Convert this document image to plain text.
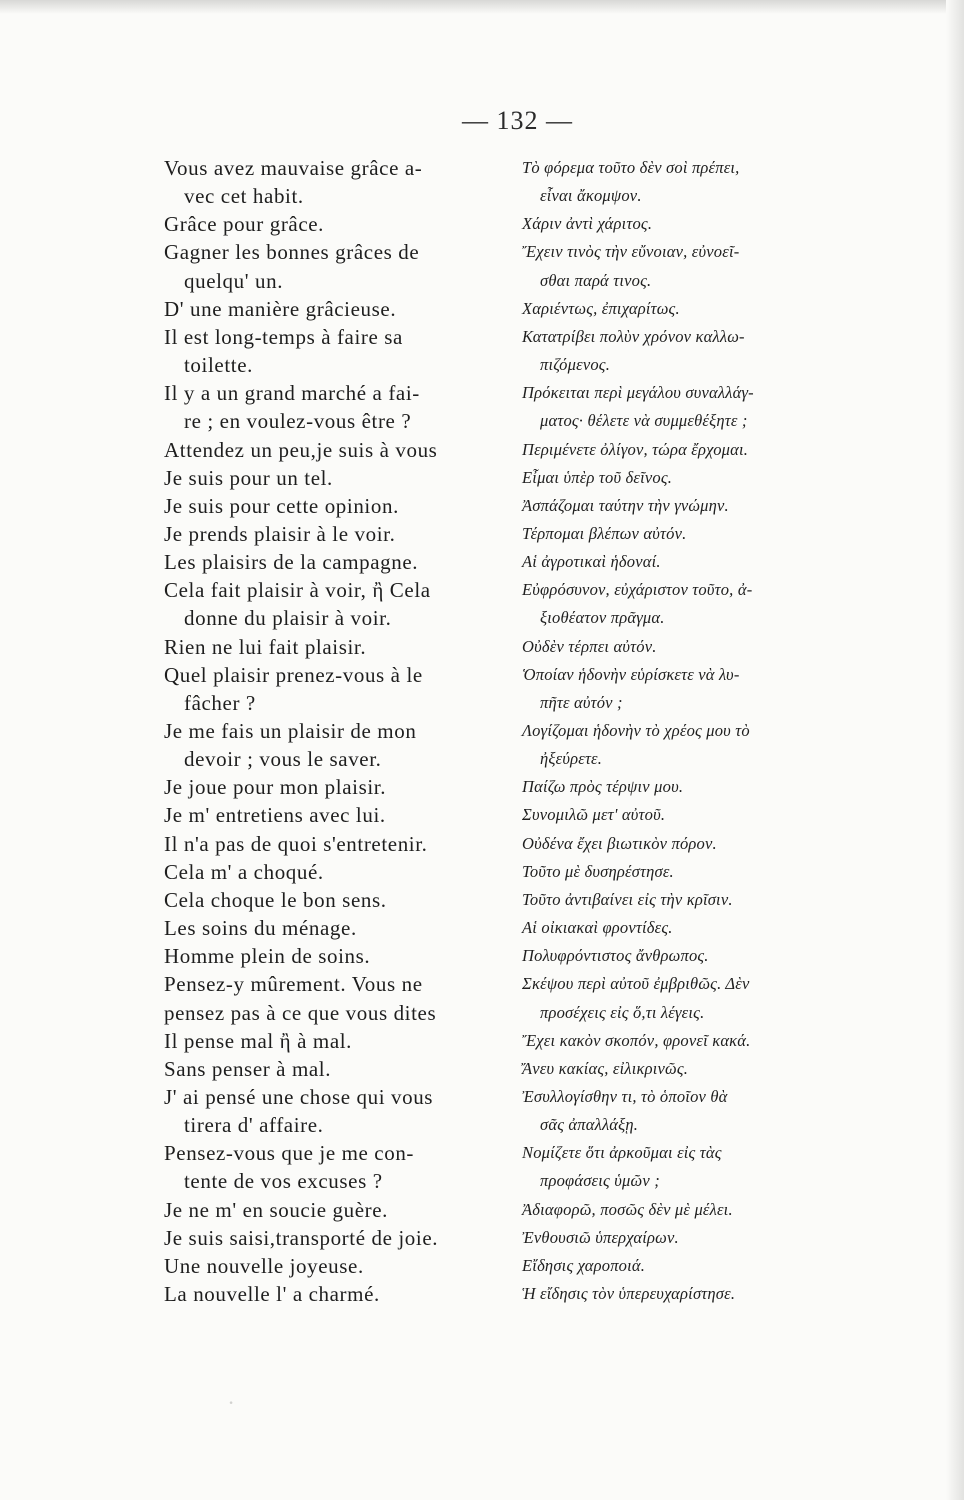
— 132 —
Vous avez mauvaise grâce a-	Τὸ φόρεμα τοῦτο δὲν σοὶ πρέπει,
vec cet habit.	εἶναι ἄκομψον.
Grâce pour grâce.	Χάριν ἀντὶ χάριτος.
Gagner les bonnes grâces de	Ἔχειν τινὸς τὴν εὔνοιαν, εὐνοεῖ-
quelqu' un.	σθαι παρά τινος.
D' une manière grâcieuse.	Χαριέντως, ἐπιχαρίτως.
Il est long-temps à faire sa	Κατατρίβει πολὺν χρόνον καλλω-
toilette.	πιζόμενος.
Il y a un grand marché a fai-	Πρόκειται περὶ μεγάλου συναλλάγ-
re ; en voulez-vous être ?	ματος· θέλετε νὰ συμμεθέξητε ;
Attendez un peu,je suis à vous	Περιμένετε ὀλίγον, τώρα ἔρχομαι.
Je suis pour un tel.	Εἶμαι ὑπὲρ τοῦ δεῖνος.
Je suis pour cette opinion.	Ἀσπάζομαι ταύτην τὴν γνώμην.
Je prends plaisir à le voir.	Τέρπομαι βλέπων αὐτόν.
Les plaisirs de la campagne.	Αἱ ἀγροτικαὶ ἡδοναί.
Cela fait plaisir à voir, ἢ Cela	Εὐφρόσυνον, εὐχάριστον τοῦτο, ἀ-
donne du plaisir à voir.	ξιοθέατον πρᾶγμα.
Rien ne lui fait plaisir.	Οὐδὲν τέρπει αὐτόν.
Quel plaisir prenez-vous à le	Ὁποίαν ἡδονὴν εὑρίσκετε νὰ λυ-
fâcher ?	πῆτε αὐτόν ;
Je me fais un plaisir de mon	Λογίζομαι ἡδονὴν τὸ χρέος μου τὸ
devoir ; vous le saver.	ἠξεύρετε.
Je joue pour mon plaisir.	Παίζω πρὸς τέρψιν μου.
Je m' entretiens avec lui.	Συνομιλῶ μετ' αὐτοῦ.
Il n'a pas de quoi s'entretenir.	Οὐδένα ἔχει βιωτικὸν πόρον.
Cela m' a choqué.	Τοῦτο μὲ δυσηρέστησε.
Cela choque le bon sens.	Τοῦτο ἀντιβαίνει εἰς τὴν κρῖσιν.
Les soins du ménage.	Αἱ οἰκιακαὶ φροντίδες.
Homme plein de soins.	Πολυφρόντιστος ἄνθρωπος.
Pensez-y mûrement. Vous ne	Σκέψου περὶ αὐτοῦ ἐμβριθῶς. Δὲν
pensez pas à ce que vous dites	προσέχεις εἰς ὅ,τι λέγεις.
Il pense mal ἢ à mal.	Ἔχει κακὸν σκοπόν, φρονεῖ κακά.
Sans penser à mal.	Ἄνευ κακίας, εἰλικρινῶς.
J' ai pensé une chose qui vous	Ἐσυλλογίσθην τι, τὸ ὁποῖον θὰ
tirera d' affaire.	σᾶς ἀπαλλάξῃ.
Pensez-vous que je me con-	Νομίζετε ὅτι ἀρκοῦμαι εἰς τὰς
tente de vos excuses ?	προφάσεις ὑμῶν ;
Je ne m' en soucie guère.	Ἀδιαφορῶ, ποσῶς δὲν μὲ μέλει.
Je suis saisi,transporté de joie.	Ἐνθουσιῶ ὑπερχαίρων.
Une nouvelle joyeuse.	Εἴδησις χαροποιά.
La nouvelle l' a charmé.	Ἡ εἴδησις τὸν ὑπερευχαρίστησε.
·
